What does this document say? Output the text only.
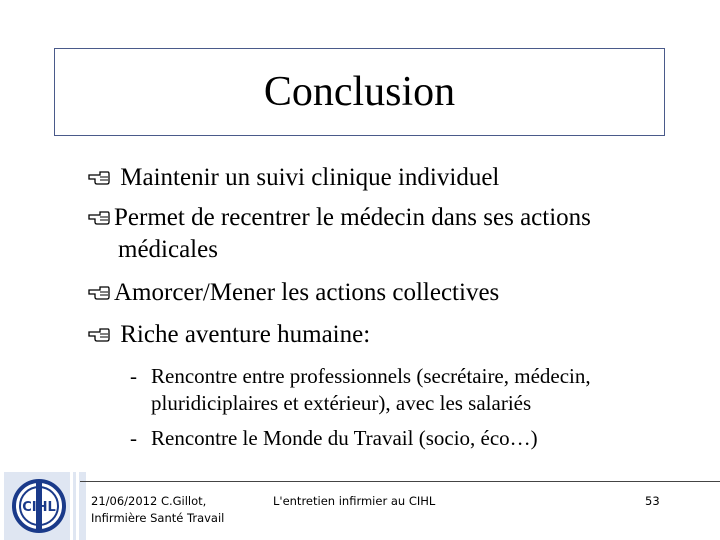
Conclusion
Maintenir un suivi clinique individuel
Permet de recentrer le médecin dans ses actions
médicales
Amorcer/Mener les actions collectives
Riche aventure humaine:
- Rencontre entre professionnels (secrétaire, médecin,
pluridiciplaires et extérieur), avec les salariés
- Rencontre le Monde du Travail (socio, éco…)
CIHL	21/06/2012 C.Gillot,
Infirmière Santé Travail
L'entretien infirmier au CIHL	53
